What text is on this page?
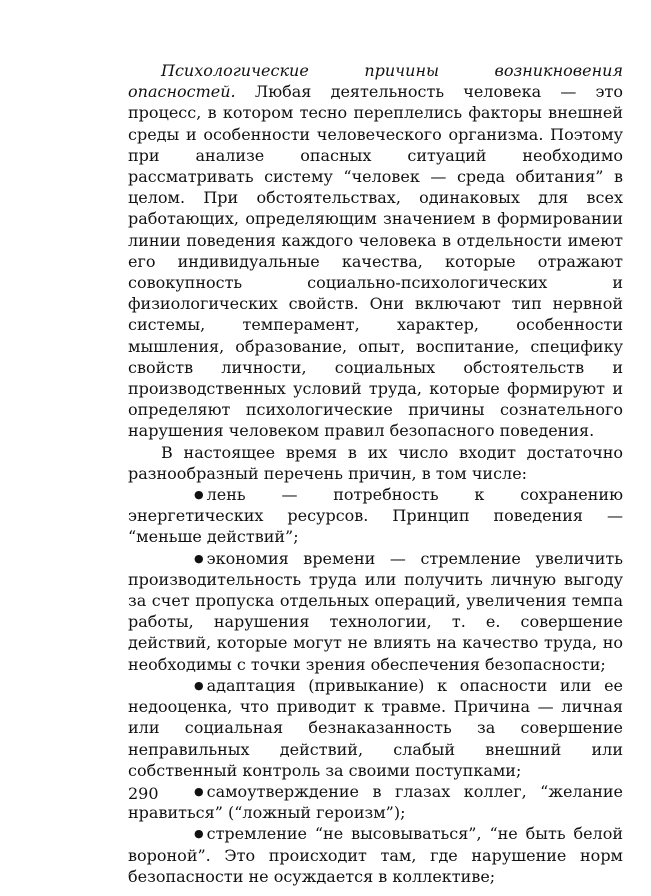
Психологические причины возникновения опасностей. Любая деятельность человека — это процесс, в котором тесно переплелись факторы внешней среды и особенности человеческого организма. Поэтому при анализе опасных ситуаций необходимо рассматривать систему “человек — среда обитания” в целом. При обстоятельствах, одинаковых для всех работающих, определяющим значением в формировании линии поведения каждого человека в отдельности имеют его индивидуальные качества, которые отражают совокупность социально-психологических и физиологических свойств. Они включают тип нервной системы, темперамент, характер, особенности мышления, образование, опыт, воспитание, специфику свойств личности, социальных обстоятельств и производственных условий труда, которые формируют и определяют психологические причины сознательного нарушения человеком правил безопасного поведения.

В настоящее время в их число входит достаточно разнообразный перечень причин, в том числе:

● лень — потребность к сохранению энергетических ресурсов. Принцип поведения — “меньше действий”;

● экономия времени — стремление увеличить производительность труда или получить личную выгоду за счет пропуска отдельных операций, увеличения темпа работы, нарушения технологии, т. е. совершение действий, которые могут не влиять на качество труда, но необходимы с точки зрения обеспечения безопасности;

● адаптация (привыкание) к опасности или ее недооценка, что приводит к травме. Причина — личная или социальная безнаказанность за совершение неправильных действий, слабый внешний или собственный контроль за своими поступками;

● самоутверждение в глазах коллег, “желание нравиться” (“ложный героизм”);

● стремление “не высовываться”, “не быть белой вороной”. Это происходит там, где нарушение норм безопасности не осуждается в коллективе;

290
